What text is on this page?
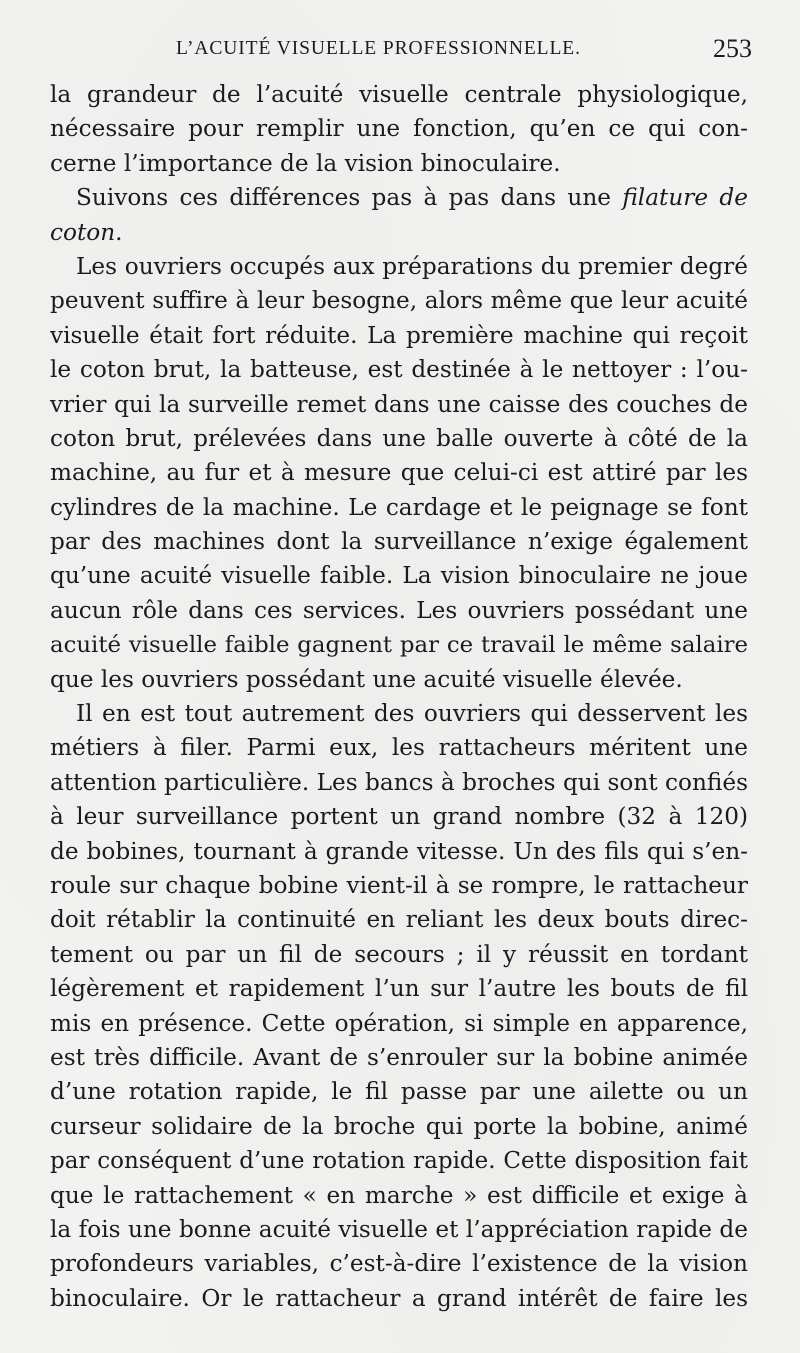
L’ACUITÉ VISUELLE PROFESSIONNELLE.	253
la grandeur de l’acuité visuelle centrale physiologique,
nécessaire pour remplir une fonction, qu’en ce qui con-
cerne l’importance de la vision binoculaire.
Suivons ces différences pas à pas dans une filature de
coton.
Les ouvriers occupés aux préparations du premier degré
peuvent suffire à leur besogne, alors même que leur acuité
visuelle était fort réduite. La première machine qui reçoit
le coton brut, la batteuse, est destinée à le nettoyer : l’ou-
vrier qui la surveille remet dans une caisse des couches de
coton brut, prélevées dans une balle ouverte à côté de la
machine, au fur et à mesure que celui-ci est attiré par les
cylindres de la machine. Le cardage et le peignage se font
par des machines dont la surveillance n’exige également
qu’une acuité visuelle faible. La vision binoculaire ne joue
aucun rôle dans ces services. Les ouvriers possédant une
acuité visuelle faible gagnent par ce travail le même salaire
que les ouvriers possédant une acuité visuelle élevée.
Il en est tout autrement des ouvriers qui desservent les
métiers à filer. Parmi eux, les rattacheurs méritent une
attention particulière. Les bancs à broches qui sont confiés
à leur surveillance portent un grand nombre (32 à 120)
de bobines, tournant à grande vitesse. Un des fils qui s’en-
roule sur chaque bobine vient-il à se rompre, le rattacheur
doit rétablir la continuité en reliant les deux bouts direc-
tement ou par un fil de secours ; il y réussit en tordant
légèrement et rapidement l’un sur l’autre les bouts de fil
mis en présence. Cette opération, si simple en apparence,
est très difficile. Avant de s’enrouler sur la bobine animée
d’une rotation rapide, le fil passe par une ailette ou un
curseur solidaire de la broche qui porte la bobine, animé
par conséquent d’une rotation rapide. Cette disposition fait
que le rattachement « en marche » est difficile et exige à
la fois une bonne acuité visuelle et l’appréciation rapide de
profondeurs variables, c’est-à-dire l’existence de la vision
binoculaire. Or le rattacheur a grand intérêt de faire les
